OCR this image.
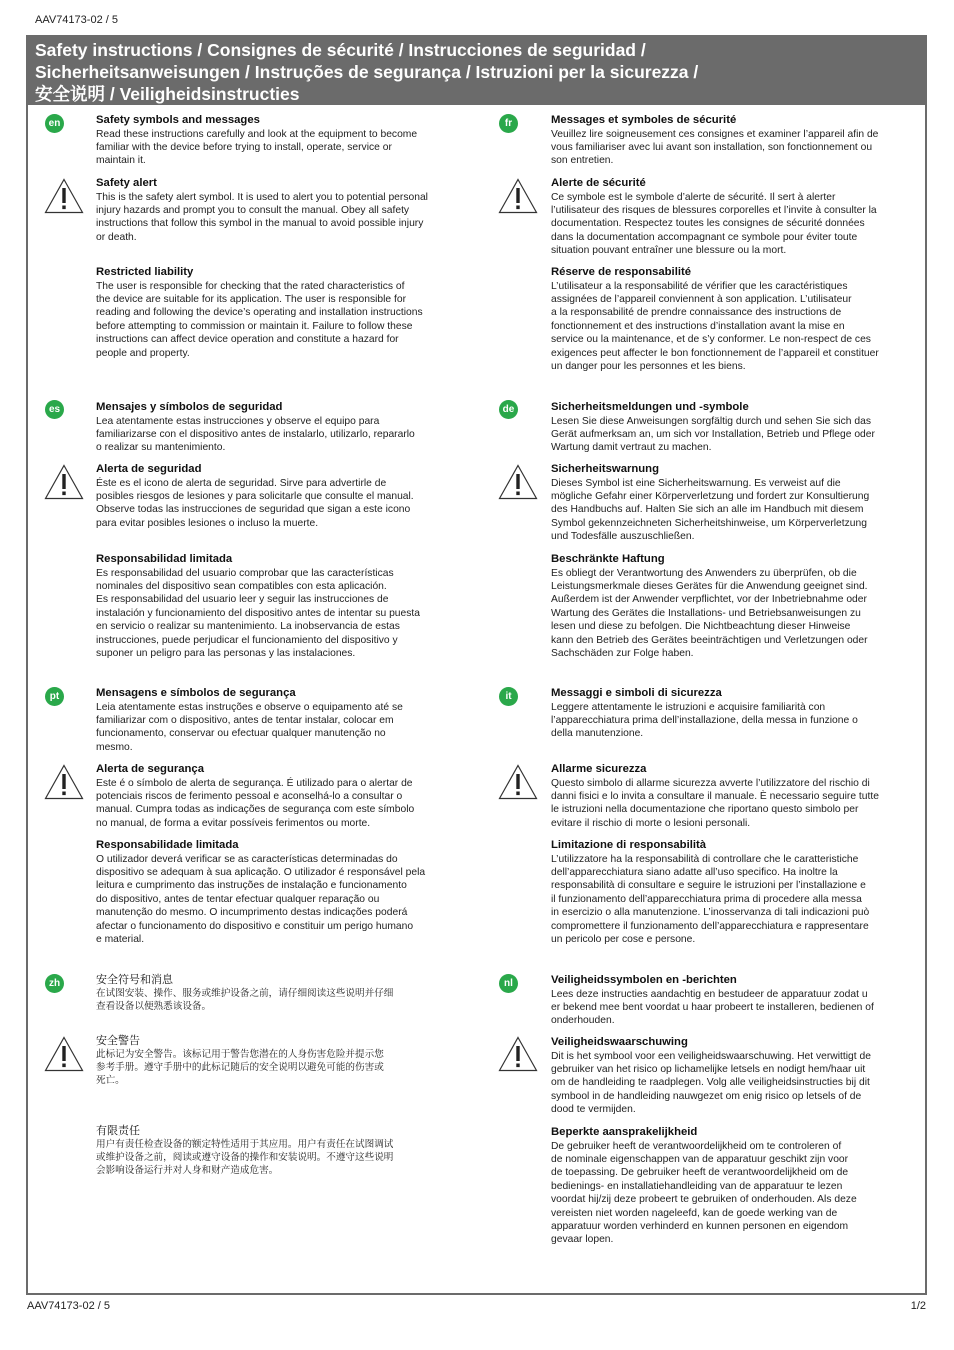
AAV74173-02 / 5
Safety instructions / Consignes de sécurité / Instrucciones de seguridad /
Sicherheitsanweisungen / Instruções de segurança / Istruzioni per la sicurezza /
安全说明 / Veiligheidsinstructies
en	fr
es	de
pt	it
zh	nl
Safety symbols and messages
Read these instructions carefully and look at the equipment to become
familiar with the device before trying to install, operate, service or
maintain it.
Safety alert
This is the safety alert symbol. It is used to alert you to potential personal
injury hazards and prompt you to consult the manual. Obey all safety
instructions that follow this symbol in the manual to avoid possible injury
or death.
Restricted liability
The user is responsible for checking that the rated characteristics of
the device are suitable for its application. The user is responsible for
reading and following the device’s operating and installation instructions
before attempting to commission or maintain it. Failure to follow these
instructions can affect device operation and constitute a hazard for
people and property.
Messages et symboles de sécurité
Veuillez lire soigneusement ces consignes et examiner l’appareil afin de
vous familiariser avec lui avant son installation, son fonctionnement ou
son entretien.
Alerte de sécurité
Ce symbole est le symbole d’alerte de sécurité. Il sert à alerter
l’utilisateur des risques de blessures corporelles et l’invite à consulter la
documentation. Respectez toutes les consignes de sécurité données
dans la documentation accompagnant ce symbole pour éviter toute
situation pouvant entraîner une blessure ou la mort.
Réserve de responsabilité
L’utilisateur a la responsabilité de vérifier que les caractéristiques
assignées de l’appareil conviennent à son application. L’utilisateur
a la responsabilité de prendre connaissance des instructions de
fonctionnement et des instructions d’installation avant la mise en
service ou la maintenance, et de s’y conformer. Le non-respect de ces
exigences peut affecter le bon fonctionnement de l’appareil et constituer
un danger pour les personnes et les biens.
Mensajes y símbolos de seguridad
Lea atentamente estas instrucciones y observe el equipo para
familiarizarse con el dispositivo antes de instalarlo, utilizarlo, repararlo
o realizar su mantenimiento.
Alerta de seguridad
Éste es el icono de alerta de seguridad. Sirve para advertirle de
posibles riesgos de lesiones y para solicitarle que consulte el manual.
Observe todas las instrucciones de seguridad que sigan a este icono
para evitar posibles lesiones o incluso la muerte.
Responsabilidad limitada
Es responsabilidad del usuario comprobar que las características
nominales del dispositivo sean compatibles con esta aplicación.
Es responsabilidad del usuario leer y seguir las instrucciones de
instalación y funcionamiento del dispositivo antes de intentar su puesta
en servicio o realizar su mantenimiento. La inobservancia de estas
instrucciones, puede perjudicar el funcionamiento del dispositivo y
suponer un peligro para las personas y las instalaciones.
Sicherheitsmeldungen und -symbole
Lesen Sie diese Anweisungen sorgfältig durch und sehen Sie sich das
Gerät aufmerksam an, um sich vor Installation, Betrieb und Pflege oder
Wartung damit vertraut zu machen.
Sicherheitswarnung
Dieses Symbol ist eine Sicherheitswarnung. Es verweist auf die
mögliche Gefahr einer Körperverletzung und fordert zur Konsultierung
des Handbuchs auf. Halten Sie sich an alle im Handbuch mit diesem
Symbol gekennzeichneten Sicherheitshinweise, um Körperverletzung
und Todesfälle auszuschließen.
Beschränkte Haftung
Es obliegt der Verantwortung des Anwenders zu überprüfen, ob die
Leistungsmerkmale dieses Gerätes für die Anwendung geeignet sind.
Außerdem ist der Anwender verpflichtet, vor der Inbetriebnahme oder
Wartung des Gerätes die Installations- und Betriebsanweisungen zu
lesen und diese zu befolgen. Die Nichtbeachtung dieser Hinweise
kann den Betrieb des Gerätes beeinträchtigen und Verletzungen oder
Sachschäden zur Folge haben.
Mensagens e símbolos de segurança
Leia atentamente estas instruções e observe o equipamento até se
familiarizar com o dispositivo, antes de tentar instalar, colocar em
funcionamento, conservar ou efectuar qualquer manutenção no
mesmo.
Alerta de segurança
Este é o símbolo de alerta de segurança. É utilizado para o alertar de
potenciais riscos de ferimento pessoal e aconselhá-lo a consultar o
manual. Cumpra todas as indicações de segurança com este símbolo
no manual, de forma a evitar possíveis ferimentos ou morte.
Responsabilidade limitada
O utilizador deverá verificar se as características determinadas do
dispositivo se adequam à sua aplicação. O utilizador é responsável pela
leitura e cumprimento das instruções de instalação e funcionamento
do dispositivo, antes de tentar efectuar qualquer reparação ou
manutenção do mesmo. O incumprimento destas indicações poderá
afectar o funcionamento do dispositivo e constituir um perigo humano
e material.
Messaggi e simboli di sicurezza
Leggere attentamente le istruzioni e acquisire familiarità con
l’apparecchiatura prima dell’installazione, della messa in funzione o
della manutenzione.
Allarme sicurezza
Questo simbolo di allarme sicurezza avverte l’utilizzatore del rischio di
danni fisici e lo invita a consultare il manuale. È necessario seguire tutte
le istruzioni nella documentazione che riportano questo simbolo per
evitare il rischio di morte o lesioni personali.
Limitazione di responsabilità
L’utilizzatore ha la responsabilità di controllare che le caratteristiche
dell’apparecchiatura siano adatte all’uso specifico. Ha inoltre la
responsabilità di consultare e seguire le istruzioni per l’installazione e
il funzionamento dell’apparecchiatura prima di procedere alla messa
in esercizio o alla manutenzione. L’inosservanza di tali indicazioni può
compromettere il funzionamento dell’apparecchiatura e rappresentare
un pericolo per cose e persone.
安全符号和消息
在试图安装、操作、服务或维护设备之前，请仔细阅读这些说明并仔细
查看设备以便熟悉该设备。
安全警告
此标记为安全警告。该标记用于警告您潜在的人身伤害危险并提示您
参考手册。遵守手册中的此标记随后的安全说明以避免可能的伤害或
死亡。
有限责任
用户有责任检查设备的额定特性适用于其应用。用户有责任在试图调试
或维护设备之前，阅读或遵守设备的操作和安装说明。不遵守这些说明
会影响设备运行并对人身和财产造成危害。
Veiligheidssymbolen en -berichten
Lees deze instructies aandachtig en bestudeer de apparatuur zodat u
er bekend mee bent voordat u haar probeert te installeren, bedienen of
onderhouden.
Veiligheidswaarschuwing
Dit is het symbool voor een veiligheidswaarschuwing. Het verwittigt de
gebruiker van het risico op lichamelijke letsels en nodigt hem/haar uit
om de handleiding te raadplegen. Volg alle veiligheidsinstructies bij dit
symbool in de handleiding nauwgezet om enig risico op letsels of de
dood te vermijden.
Beperkte aansprakelijkheid
De gebruiker heeft de verantwoordelijkheid om te controleren of
de nominale eigenschappen van de apparatuur geschikt zijn voor
de toepassing. De gebruiker heeft de verantwoordelijkheid om de
bedienings- en installatiehandleiding van de apparatuur te lezen
voordat hij/zij deze probeert te gebruiken of onderhouden. Als deze
vereisten niet worden nageleefd, kan de goede werking van de
apparatuur worden verhinderd en kunnen personen en eigendom
gevaar lopen.
AAV74173-02 / 5	1/2
